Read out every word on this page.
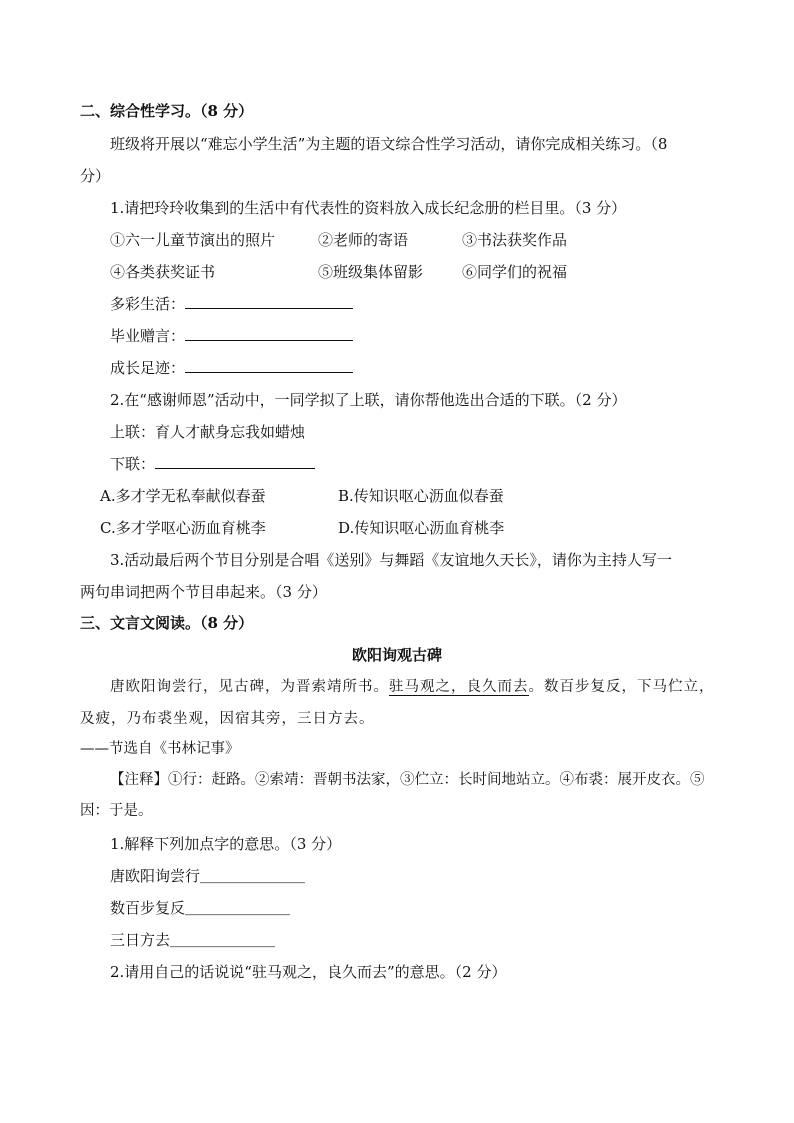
二、综合性学习。（8 分）
班级将开展以“难忘小学生活”为主题的语文综合性学习活动，请你完成相关练习。（8
分）
1.请把玲玲收集到的生活中有代表性的资料放入成长纪念册的栏目里。（3 分）
①六一儿童节演出的照片	②老师的寄语	③书法获奖作品
④各类获奖证书	⑤班级集体留影	⑥同学们的祝福
多彩生活：
毕业赠言：
成长足迹：
2.在“感谢师恩”活动中，一同学拟了上联，请你帮他选出合适的下联。（2 分）
上联：育人才献身忘我如蜡烛
下联：
A.多才学无私奉献似春蚕	B.传知识呕心沥血似春蚕
C.多才学呕心沥血育桃李	D.传知识呕心沥血育桃李
3.活动最后两个节目分别是合唱《送别》与舞蹈《友谊地久天长》，请你为主持人写一
两句串词把两个节目串起来。（3 分）
三、文言文阅读。（8 分）
欧阳询观古碑
唐欧阳询尝行，见古碑，为晋索靖所书。驻马观之，良久而去。数百步复反，下马伫立，
及疲，乃布裘坐观，因宿其旁，三日方去。
——节选自《书林记事》
【注释】①行：赶路。②索靖：晋朝书法家，③伫立：长时间地站立。④布裘：展开皮衣。⑤
因：于是。
1.解释下列加点字的意思。（3 分）
唐欧阳询尝行＿＿＿＿＿＿＿
数百步复反＿＿＿＿＿＿＿
三日方去＿＿＿＿＿＿＿
2.请用自己的话说说“驻马观之，良久而去”的意思。（2 分）
